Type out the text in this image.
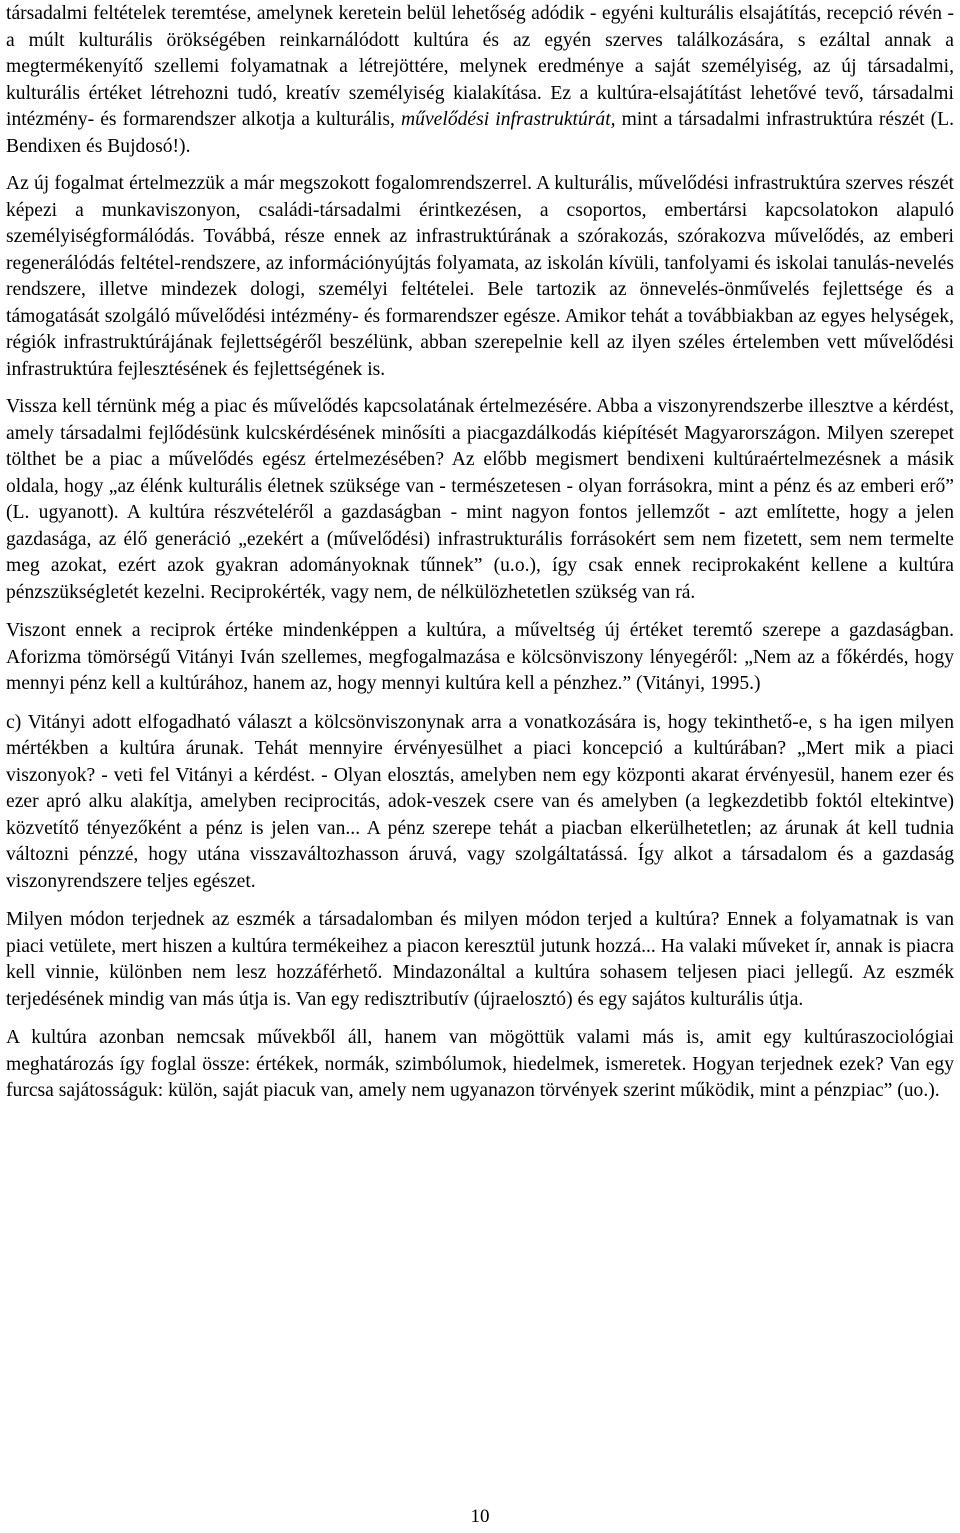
társadalmi feltételek teremtése, amelynek keretein belül lehetőség adódik - egyéni kulturális elsajátítás, recepció révén - a múlt kulturális örökségében reinkarnálódott kultúra és az egyén szerves találkozására, s ezáltal annak a megtermékenyítő szellemi folyamatnak a létrejöttére, melynek eredménye a saját személyiség, az új társadalmi, kulturális értéket létrehozni tudó, kreatív személyiség kialakítása. Ez a kultúra-elsajátítást lehetővé tevő, társadalmi intézmény- és formarendszer alkotja a kulturális, művelődési infrastruktúrát, mint a társadalmi infrastruktúra részét (L. Bendixen és Bujdosó!).

Az új fogalmat értelmezzük a már megszokott fogalomrendszerrel. A kulturális, művelődési infrastruktúra szerves részét képezi a munkaviszonyon, családi-társadalmi érintkezésen, a csoportos, embertársi kapcsolatokon alapuló személyiségformálódás. Továbbá, része ennek az infrastruktúrának a szórakozás, szórakozva művelődés, az emberi regenerálódás feltétel-rendszere, az információnyújtás folyamata, az iskolán kívüli, tanfolyami és iskolai tanulás-nevelés rendszere, illetve mindezek dologi, személyi feltételei. Bele tartozik az önnevelés-önművelés fejlettsége és a támogatását szolgáló művelődési intézmény- és formarendszer egésze. Amikor tehát a továbbiakban az egyes helységek, régiók infrastruktúrájának fejlettségéről beszélünk, abban szerepelnie kell az ilyen széles értelemben vett művelődési infrastruktúra fejlesztésének és fejlettségének is.

Vissza kell térnünk még a piac és művelődés kapcsolatának értelmezésére. Abba a viszonyrendszerbe illesztve a kérdést, amely társadalmi fejlődésünk kulcskérdésének minősíti a piacgazdálkodás kiépítését Magyarországon. Milyen szerepet tölthet be a piac a művelődés egész értelmezésében? Az előbb megismert bendixeni kultúraértelmezésnek a másik oldala, hogy „az élénk kulturális életnek szüksége van - természetesen - olyan forrásokra, mint a pénz és az emberi erő” (L. ugyanott). A kultúra részvételéről a gazdaságban - mint nagyon fontos jellemzőt - azt említette, hogy a jelen gazdasága, az élő generáció „ezekért a (művelődési) infrastrukturális forrásokért sem nem fizetett, sem nem termelte meg azokat, ezért azok gyakran adományoknak tűnnek” (u.o.), így csak ennek reciprokaként kellene a kultúra pénzszükségletét kezelni. Reciprokérték, vagy nem, de nélkülözhetetlen szükség van rá.

Viszont ennek a reciprok értéke mindenképpen a kultúra, a műveltség új értéket teremtő szerepe a gazdaságban. Aforizma tömörségű Vitányi Iván szellemes, megfogalmazása e kölcsönviszony lényegéről: „Nem az a főkérdés, hogy mennyi pénz kell a kultúrához, hanem az, hogy mennyi kultúra kell a pénzhez.” (Vitányi, 1995.)

c) Vitányi adott elfogadható választ a kölcsönviszonynak arra a vonatkozására is, hogy tekinthető-e, s ha igen milyen mértékben a kultúra árunak. Tehát mennyire érvényesülhet a piaci koncepció a kultúrában? „Mert mik a piaci viszonyok? - veti fel Vitányi a kérdést. - Olyan elosztás, amelyben nem egy központi akarat érvényesül, hanem ezer és ezer apró alku alakítja, amelyben reciprocitás, adok-veszek csere van és amelyben (a legkezdetibb foktól eltekintve) közvetítő tényezőként a pénz is jelen van... A pénz szerepe tehát a piacban elkerülhetetlen; az árunak át kell tudnia változni pénzzé, hogy utána visszaváltozhasson áruvá, vagy szolgáltatássá. Így alkot a társadalom és a gazdaság viszonyrendszere teljes egészet.

Milyen módon terjednek az eszmék a társadalomban és milyen módon terjed a kultúra? Ennek a folyamatnak is van piaci vetülete, mert hiszen a kultúra termékeihez a piacon keresztül jutunk hozzá... Ha valaki műveket ír, annak is piacra kell vinnie, különben nem lesz hozzáférhető. Mindazonáltal a kultúra sohasem teljesen piaci jellegű. Az eszmék terjedésének mindig van más útja is. Van egy redisztributív (újraelosztó) és egy sajátos kulturális útja.

A kultúra azonban nemcsak művekből áll, hanem van mögöttük valami más is, amit egy kultúraszociológiai meghatározás így foglal össze: értékek, normák, szimbólumok, hiedelmek, ismeretek. Hogyan terjednek ezek? Van egy furcsa sajátosságuk: külön, saját piacuk van, amely nem ugyanazon törvények szerint működik, mint a pénzpiac” (uo.).

10
